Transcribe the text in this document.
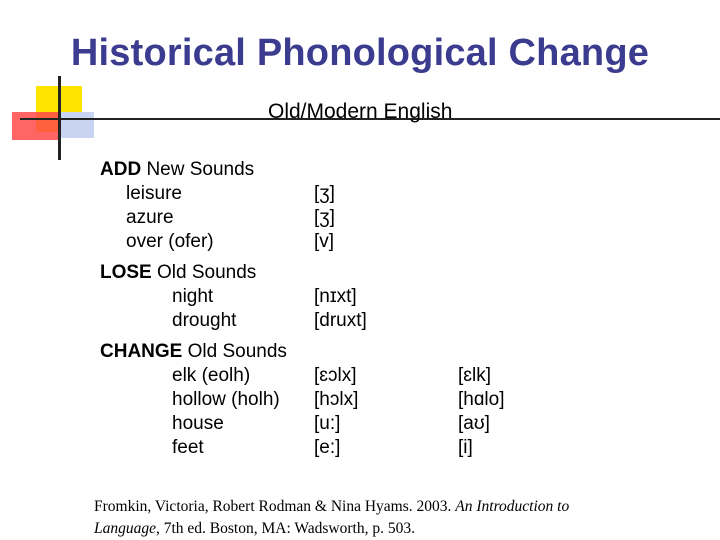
Historical Phonological Change
Old/Modern English
ADD New Sounds
leisure	[ʒ]
azure	[ʒ]
over (ofer)	[v]
LOSE Old Sounds
night	[nɪxt]
drought	[druxt]
CHANGE Old Sounds
elk (eolh)	[ɛɔlx]	[ɛlk]
hollow (holh) [hɔlx]	[hɑlo]
house	[u:]	[aʊ]
feet	[e:]	[i]
Fromkin, Victoria, Robert Rodman & Nina Hyams. 2003. An Introduction to
Language, 7th ed. Boston, MA: Wadsworth, p. 503.
